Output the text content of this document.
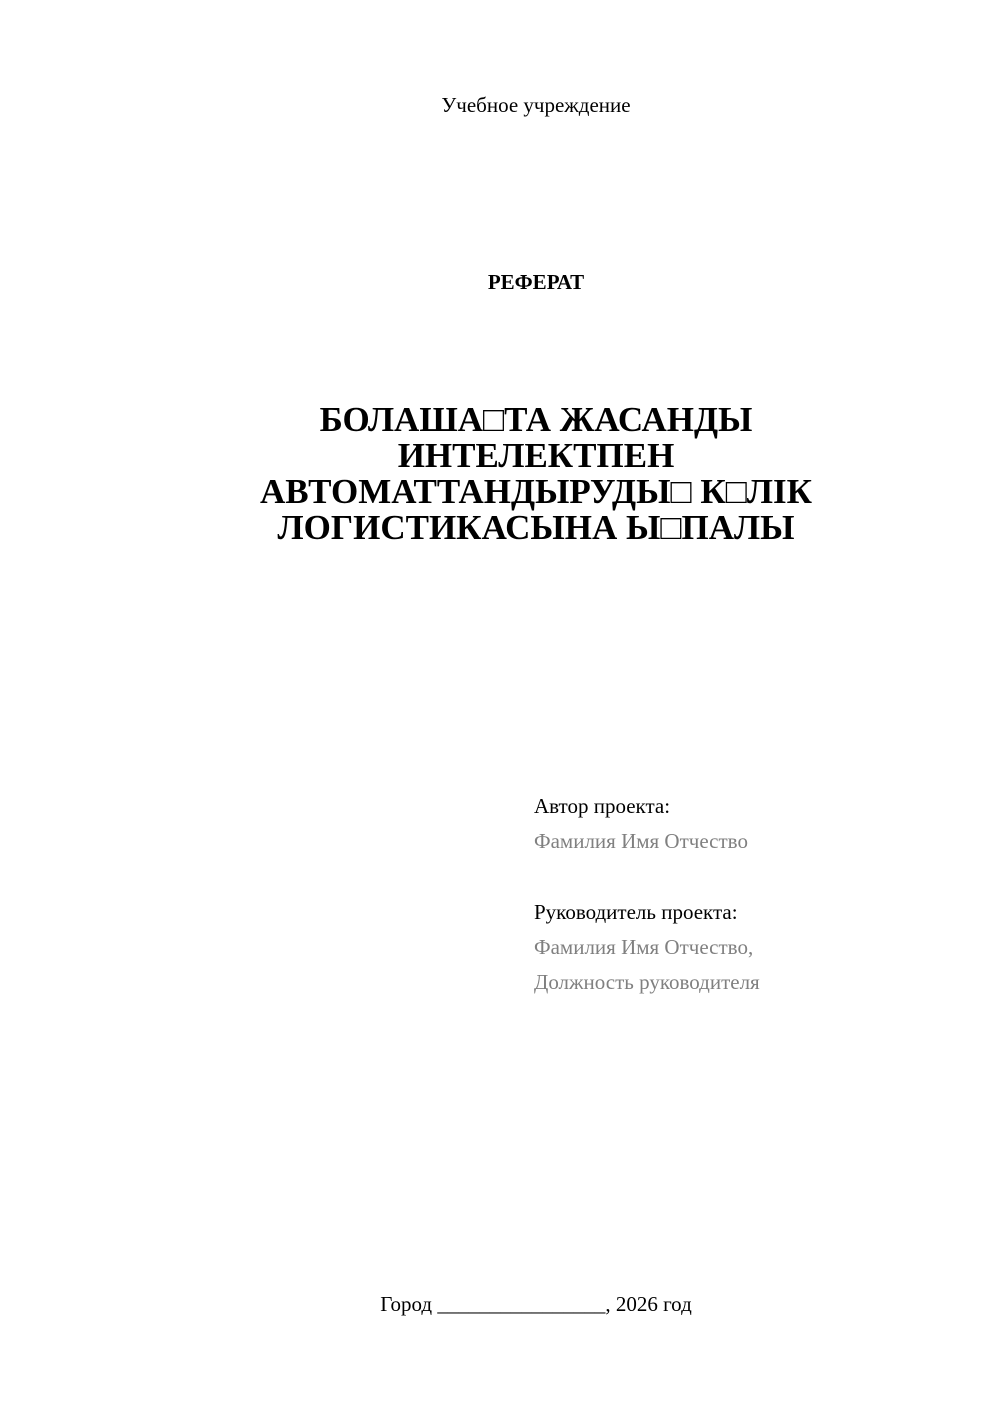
Учебное учреждение
РЕФЕРАТ
БОЛАША□ТА ЖАСАНДЫ
ИНТЕЛЕКТПЕН
АВТОМАТТАНДЫРУДЫ□ К□ЛІК
ЛОГИСТИКАСЫНА Ы□ПАЛЫ
Автор проекта:
Фамилия Имя Отчество
Руководитель проекта:
Фамилия Имя Отчество,
Должность руководителя
Город ________________, 2026 год
